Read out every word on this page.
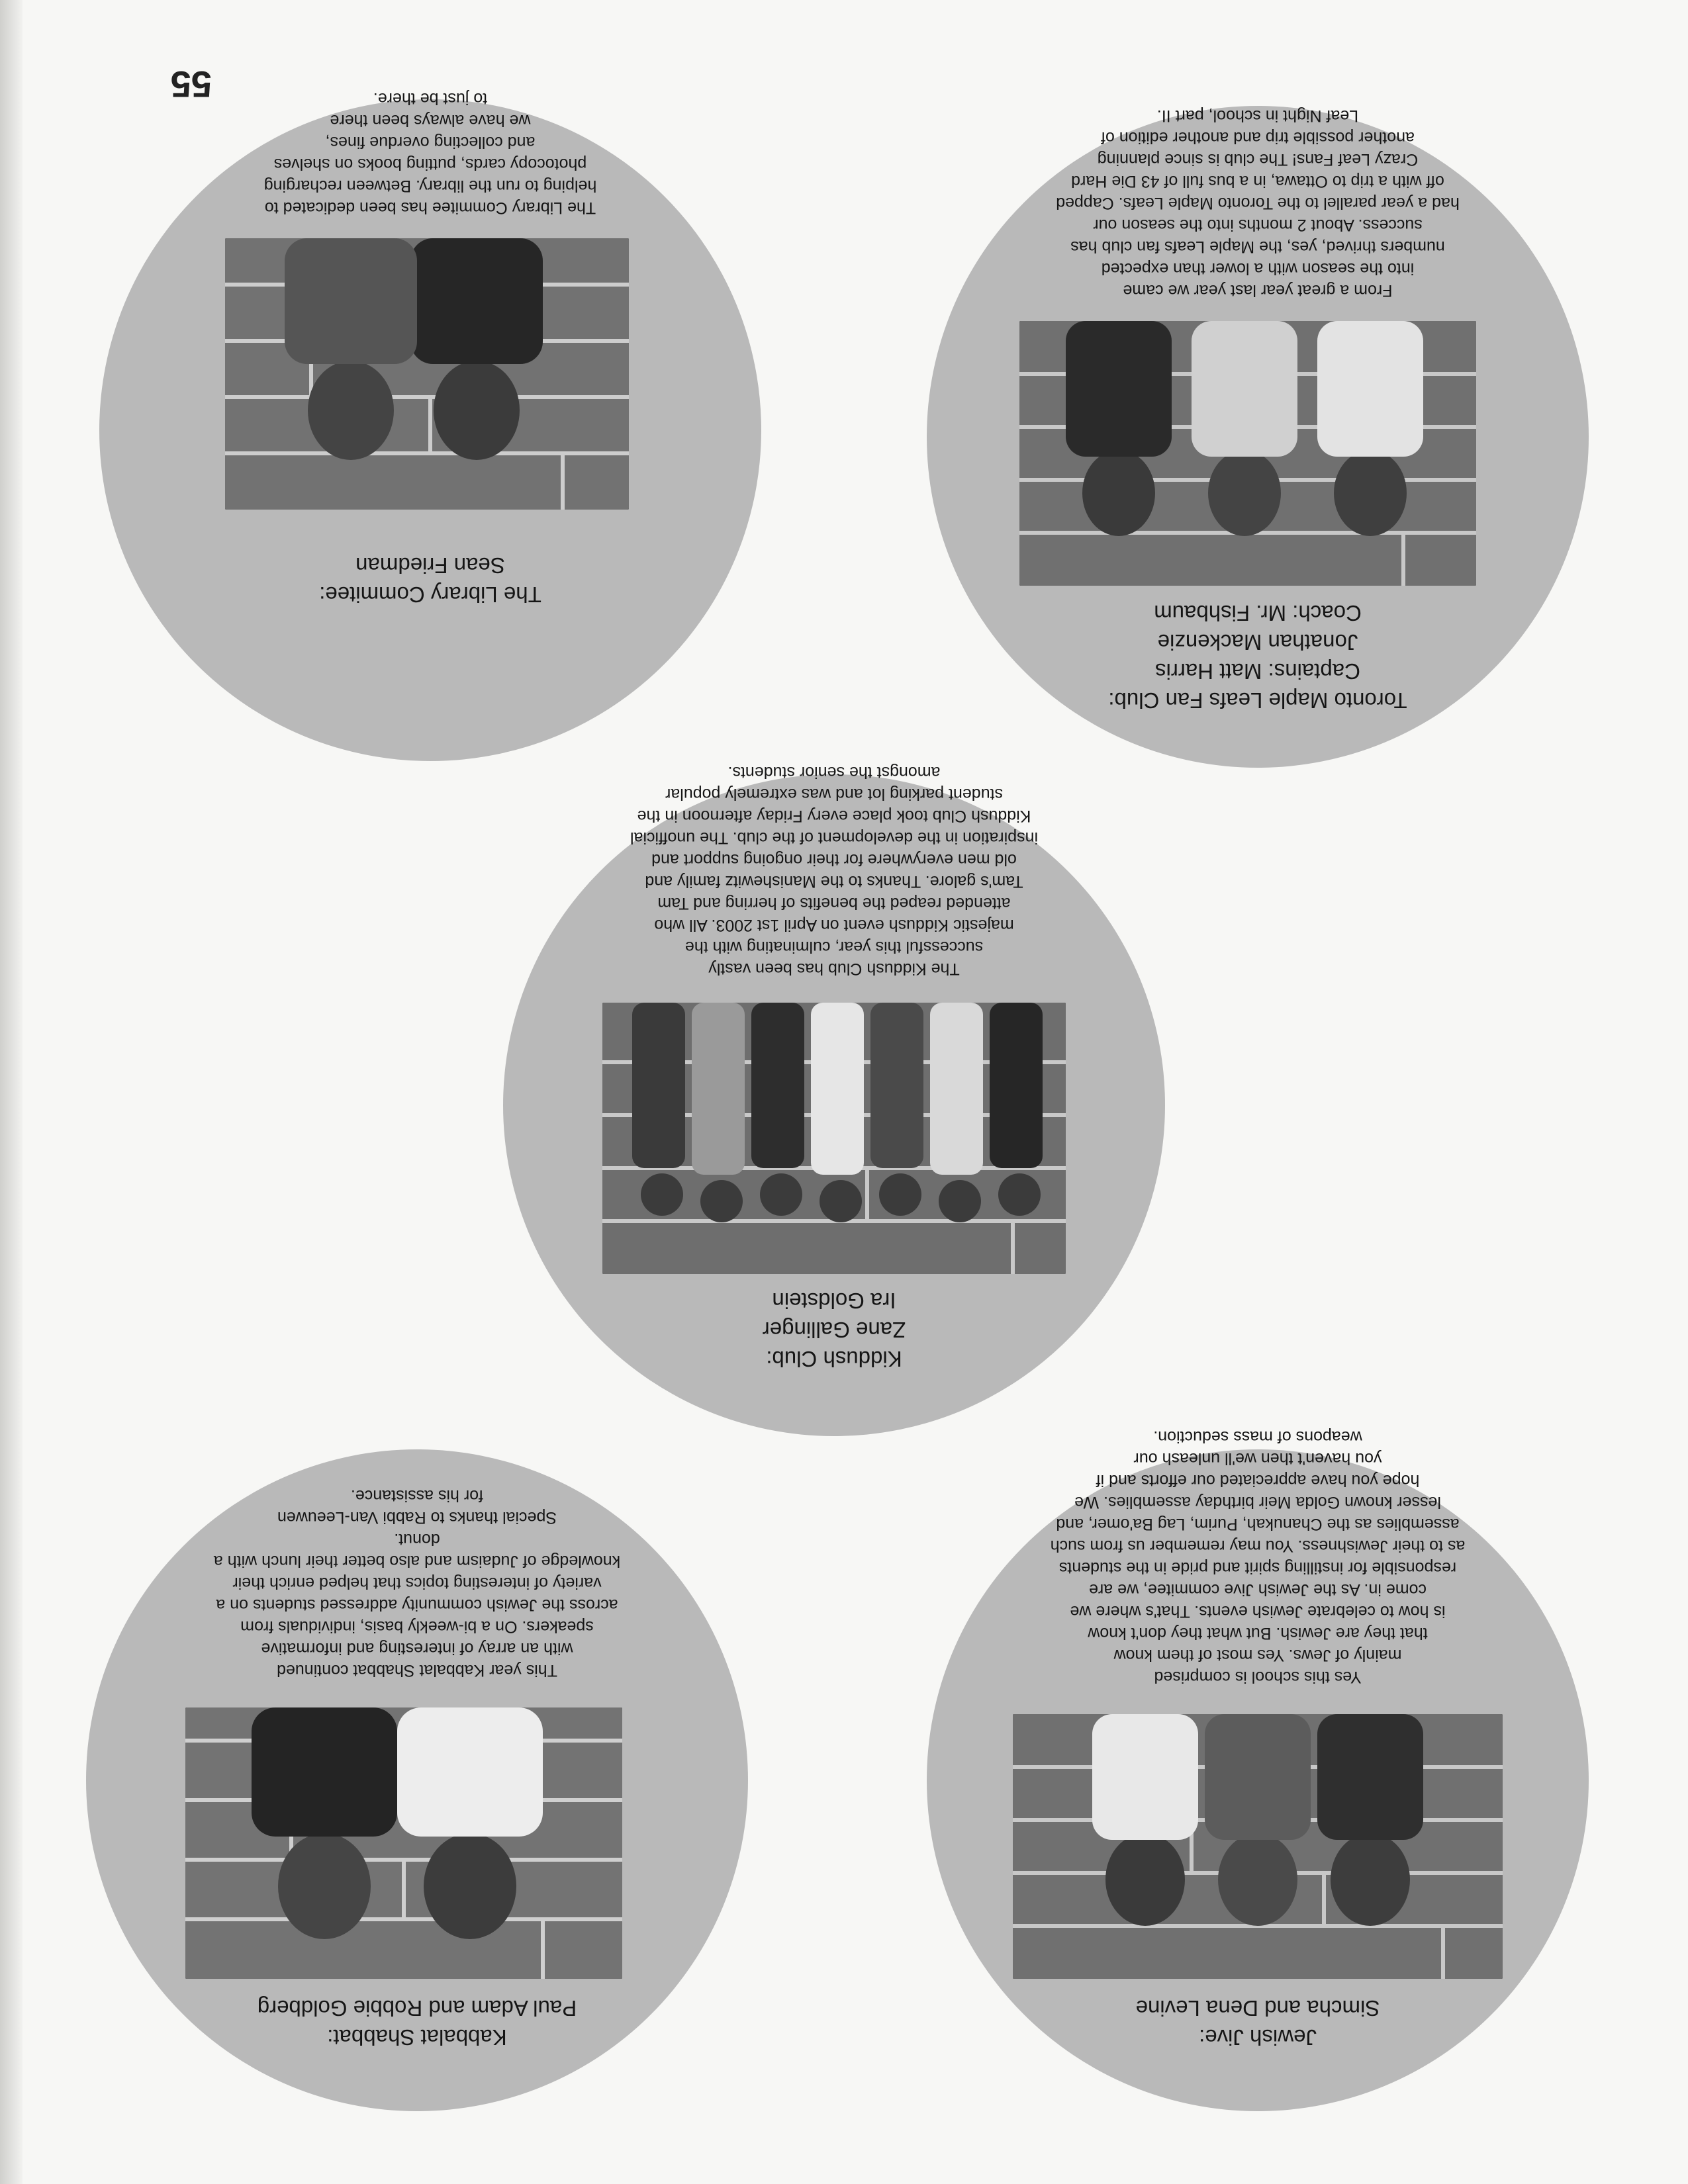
55
Jewish Jive:
Simcha and Dena Levine
Yes this school is comprised
mainly of Jews. Yes most of them know
that they are Jewish. But what they don't know
is how to celebrate Jewish events. That's where we
come in. As the Jewish Jive commitee, we are
responsible for instilling spirit and pride in the students
as to their Jewishness. You may remember us from such
assemblies as the Chanukah, Purim, Lag Ba'omer, and
lesser known Golda Meir birthday assemblies. We
hope you have appreciated our efforts and if
you haven't then we'll unleash our
weapons of mass seduction.
Kabbalat Shabbat:
Paul Adam and Robbie Goldberg
This year Kabbalat Shabbat continued
with an array of interesting and informative
speakers. On a bi-weekly basis, individuals from
across the Jewish community addressed students on a
variety of interesting topics that helped enrich their
knowledge of Judaism and also better their lunch with a
donut.
Special thanks to Rabbi Van-Leeuwen
for his assistance.
Kiddush Club:
Zane Gallinger
Ira Goldstein
The Kiddush Club has been vastly
successful this year, culminating with the
majestic Kiddush event on April 1st 2003. All who
attended reaped the benefits of herring and Tam
Tam's galore. Thanks to the Manishewitz family and
old men everywhere for their ongoing support and
inspiration in the development of the club. The unofficial
Kiddush Club took place every Friday afternoon in the
student parking lot and was extremely popular
amongst the senior students.
Toronto Maple Leafs Fan Club:
Captains: Matt Harris
Jonathan Mackenzie
Coach: Mr. Fishbaum
From a great year last year we came
into the season with a lower than expected
numbers thrived, yes, the Maple Leafs fan club has
success. About 2 months into the season our
had a year parallel to the Toronto Maple Leafs. Capped
off with a trip to Ottawa, in a bus full of 43 Die Hard
Crazy Leaf Fans! The club is since planning
another possible trip and another edition of
Leaf Night in school, part II.
The Library Commitee:
Sean Friedman
The Library Commitee has been dedicated to
helping to run the library. Between recharging
photocopy cards, putting books on shelves
and collecting overdue fines,
we have always been there
to just be there.
